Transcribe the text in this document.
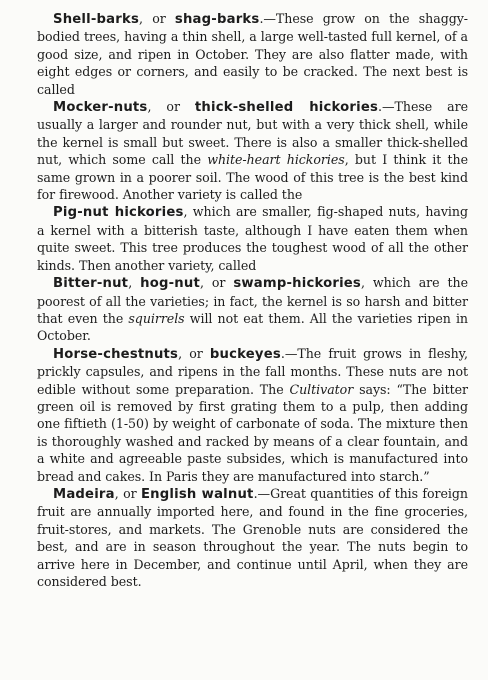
Shell-barks, or shag-barks.—These grow on the shaggy-bodied trees, having a thin shell, a large well-tasted full kernel, of a good size, and ripen in October. They are also flatter made, with eight edges or corners, and easily to be cracked. The next best is called

Mocker-nuts, or thick-shelled hickories.—These are usually a larger and rounder nut, but with a very thick shell, while the kernel is small but sweet. There is also a smaller thick-shelled nut, which some call the white-heart hickories, but I think it the same grown in a poorer soil. The wood of this tree is the best kind for firewood. Another variety is called the

Pig-nut hickories, which are smaller, fig-shaped nuts, having a kernel with a bitterish taste, although I have eaten them when quite sweet. This tree produces the toughest wood of all the other kinds. Then another variety, called

Bitter-nut, hog-nut, or swamp-hickories, which are the poorest of all the varieties; in fact, the kernel is so harsh and bitter that even the squirrels will not eat them. All the varieties ripen in October.

Horse-chestnuts, or buckeyes.—The fruit grows in fleshy, prickly capsules, and ripens in the fall months. These nuts are not edible without some preparation. The Cultivator says: “The bitter green oil is removed by first grating them to a pulp, then adding one fiftieth (1-50) by weight of carbonate of soda. The mixture then is thoroughly washed and racked by means of a clear fountain, and a white and agreeable paste subsides, which is manufactured into bread and cakes. In Paris they are manufactured into starch.”

Madeira, or English walnut.—Great quantities of this foreign fruit are annually imported here, and found in the fine groceries, fruit-stores, and markets. The Grenoble nuts are considered the best, and are in season throughout the year. The nuts begin to arrive here in December, and continue until April, when they are considered best.
